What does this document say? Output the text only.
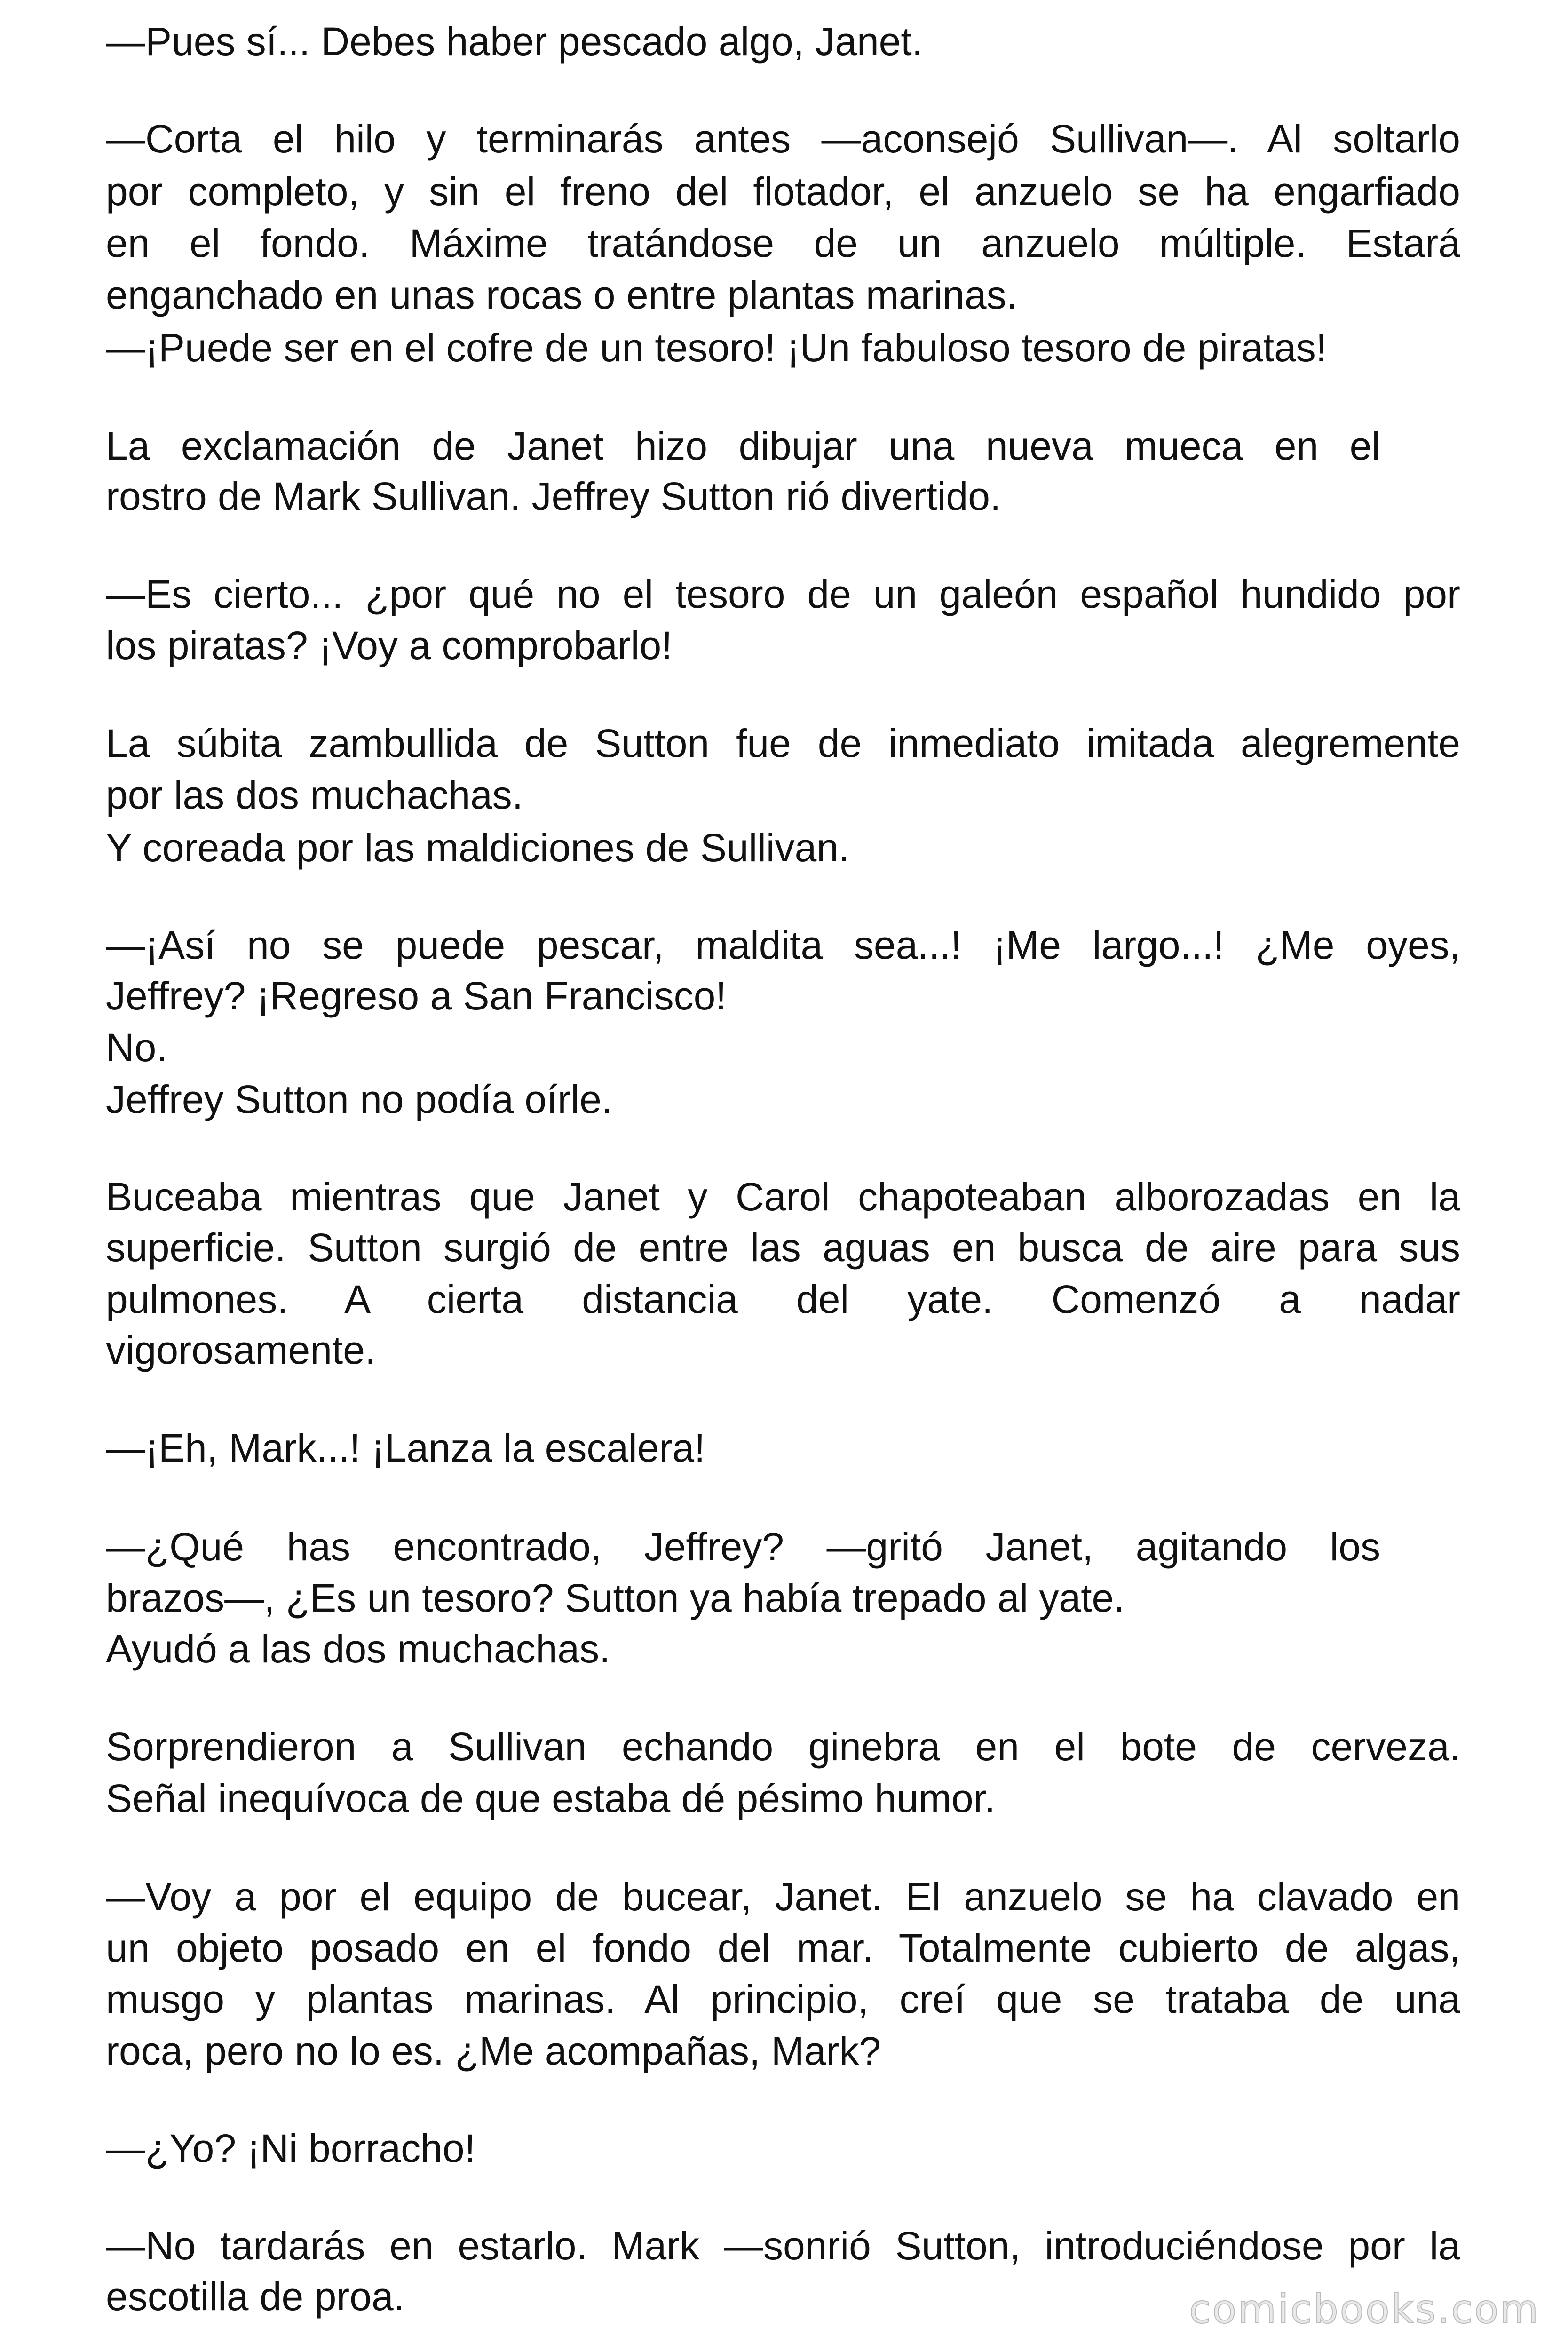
—Pues sí... Debes haber pescado algo, Janet.
—Corta el hilo y terminarás antes —aconsejó Sullivan—. Al soltarlo
por completo, y sin el freno del flotador, el anzuelo se ha engarfiado
en el fondo. Máxime tratándose de un anzuelo múltiple. Estará
enganchado en unas rocas o entre plantas marinas.
—¡Puede ser en el cofre de un tesoro! ¡Un fabuloso tesoro de piratas!
La exclamación de Janet hizo dibujar una nueva mueca en el
rostro de Mark Sullivan. Jeffrey Sutton rió divertido.
—Es cierto... ¿por qué no el tesoro de un galeón español hundido por
los piratas? ¡Voy a comprobarlo!
La súbita zambullida de Sutton fue de inmediato imitada alegremente
por las dos muchachas.
Y coreada por las maldiciones de Sullivan.
—¡Así no se puede pescar, maldita sea...! ¡Me largo...! ¿Me oyes,
Jeffrey? ¡Regreso a San Francisco!
No.
Jeffrey Sutton no podía oírle.
Buceaba mientras que Janet y Carol chapoteaban alborozadas en la
superficie. Sutton surgió de entre las aguas en busca de aire para sus
pulmones. A cierta distancia del yate. Comenzó a nadar
vigorosamente.
—¡Eh, Mark...! ¡Lanza la escalera!
—¿Qué has encontrado, Jeffrey? —gritó Janet, agitando los
brazos—, ¿Es un tesoro? Sutton ya había trepado al yate.
Ayudó a las dos muchachas.
Sorprendieron a Sullivan echando ginebra en el bote de cerveza.
Señal inequívoca de que estaba dé pésimo humor.
—Voy a por el equipo de bucear, Janet. El anzuelo se ha clavado en
un objeto posado en el fondo del mar. Totalmente cubierto de algas,
musgo y plantas marinas. Al principio, creí que se trataba de una
roca, pero no lo es. ¿Me acompañas, Mark?
—¿Yo? ¡Ni borracho!
—No tardarás en estarlo. Mark —sonrió Sutton, introduciéndose por la
escotilla de proa.	comicbooks.com
